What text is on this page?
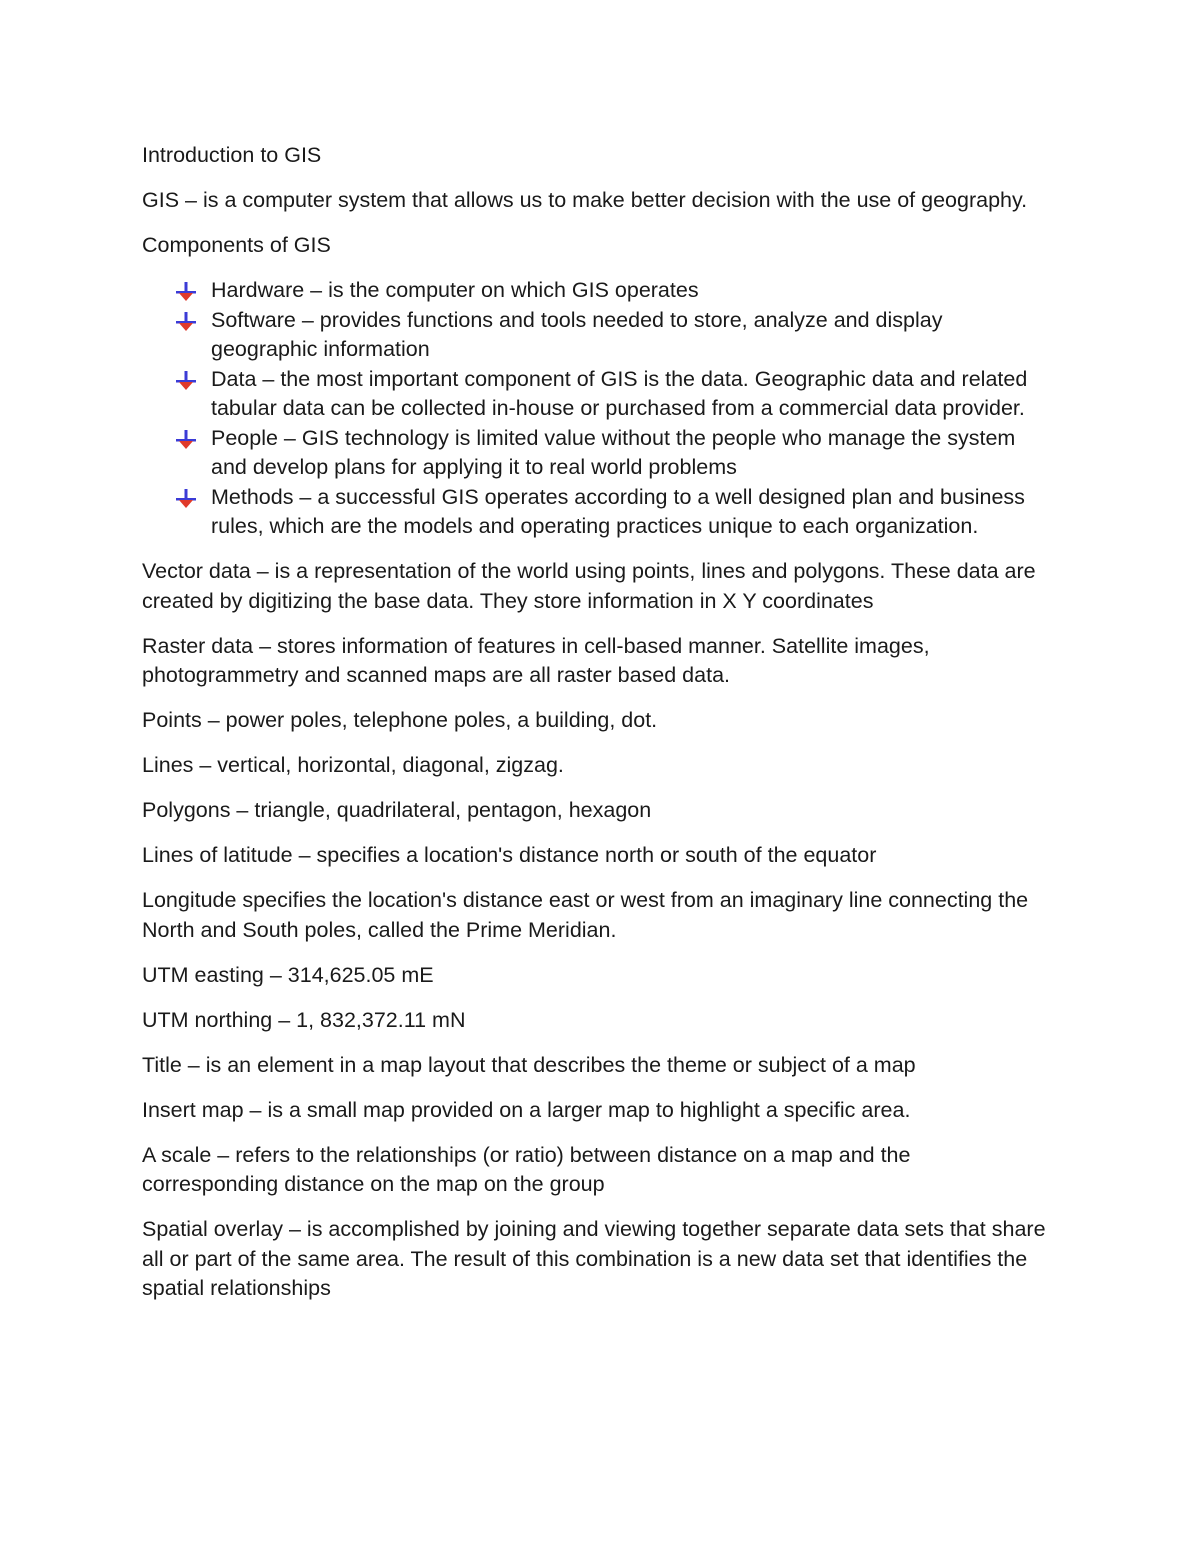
Introduction to GIS

GIS – is a computer system that allows us to make better decision with the use of geography.

Components of GIS

Hardware – is the computer on which GIS operates
Software – provides functions and tools needed to store, analyze and display geographic information
Data – the most important component of GIS is the data. Geographic data and related tabular data can be collected in-house or purchased from a commercial data provider.
People – GIS technology is limited value without the people who manage the system and develop plans for applying it to real world problems
Methods – a successful GIS operates according to a well designed plan and business rules, which are the models and operating practices unique to each organization.

Vector data – is a representation of the world using points, lines and polygons. These data are created by digitizing the base data. They store information in X Y coordinates

Raster data – stores information of features in cell-based manner. Satellite images, photogrammetry and scanned maps are all raster based data.

Points – power poles, telephone poles, a building, dot.

Lines – vertical, horizontal, diagonal, zigzag.

Polygons – triangle, quadrilateral, pentagon, hexagon

Lines of latitude – specifies a location's distance north or south of the equator

Longitude specifies the location's distance east or west from an imaginary line connecting the North and South poles, called the Prime Meridian.

UTM easting – 314,625.05 mE

UTM northing – 1, 832,372.11 mN

Title – is an element in a map layout that describes the theme or subject of a map

Insert map – is a small map provided on a larger map to highlight a specific area.

A scale – refers to the relationships (or ratio) between distance on a map and the corresponding distance on the map on the group

Spatial overlay – is accomplished by joining and viewing together separate data sets that share all or part of the same area. The result of this combination is a new data set that identifies the spatial relationships
